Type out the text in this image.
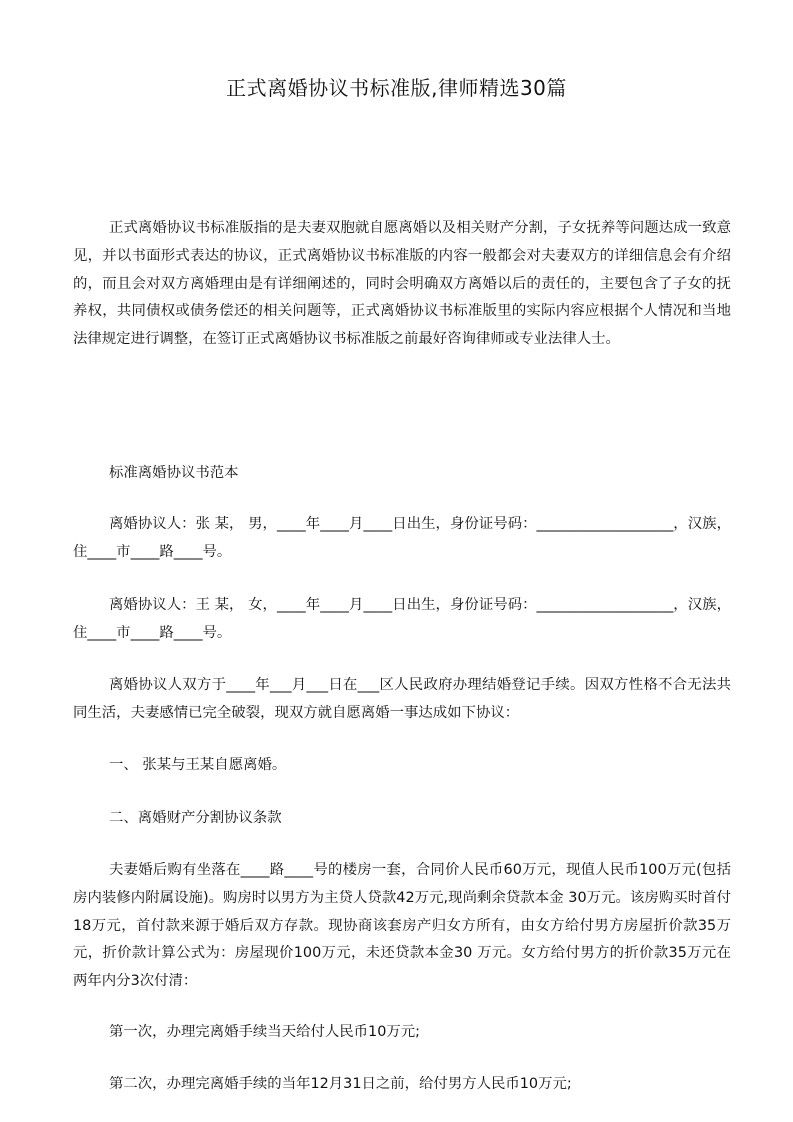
正式离婚协议书标准版,律师精选30篇

正式离婚协议书标准版指的是夫妻双胞就自愿离婚以及相关财产分割，子女抚养等问题达成一致意见，并以书面形式表达的协议，正式离婚协议书标准版的内容一般都会对夫妻双方的详细信息会有介绍的，而且会对双方离婚理由是有详细阐述的，同时会明确双方离婚以后的责任的，主要包含了子女的抚养权，共同债权或债务偿还的相关问题等，正式离婚协议书标准版里的实际内容应根据个人情况和当地法律规定进行调整，在签订正式离婚协议书标准版之前最好咨询律师或专业法律人士。

标准离婚协议书范本

离婚协议人：张 某， 男，____年____月____日出生，身份证号码：___________________，汉族，住____市____路____号。

离婚协议人：王 某， 女，____年____月____日出生，身份证号码：___________________，汉族，住____市____路____号。

离婚协议人双方于____年___月___日在___区人民政府办理结婚登记手续。因双方性格不合无法共同生活，夫妻感情已完全破裂，现双方就自愿离婚一事达成如下协议：

一、 张某与王某自愿离婚。

二、离婚财产分割协议条款

夫妻婚后购有坐落在____路____号的楼房一套，合同价人民币60万元，现值人民币100万元(包括房内装修内附属设施)。购房时以男方为主贷人贷款42万元,现尚剩余贷款本金 30万元。该房购买时首付18万元，首付款来源于婚后双方存款。现协商该套房产归女方所有，由女方给付男方房屋折价款35万元，折价款计算公式为：房屋现价100万元，未还贷款本金30 万元。女方给付男方的折价款35万元在两年内分3次付清：

第一次，办理完离婚手续当天给付人民币10万元;

第二次，办理完离婚手续的当年12月31日之前，给付男方人民币10万元;
